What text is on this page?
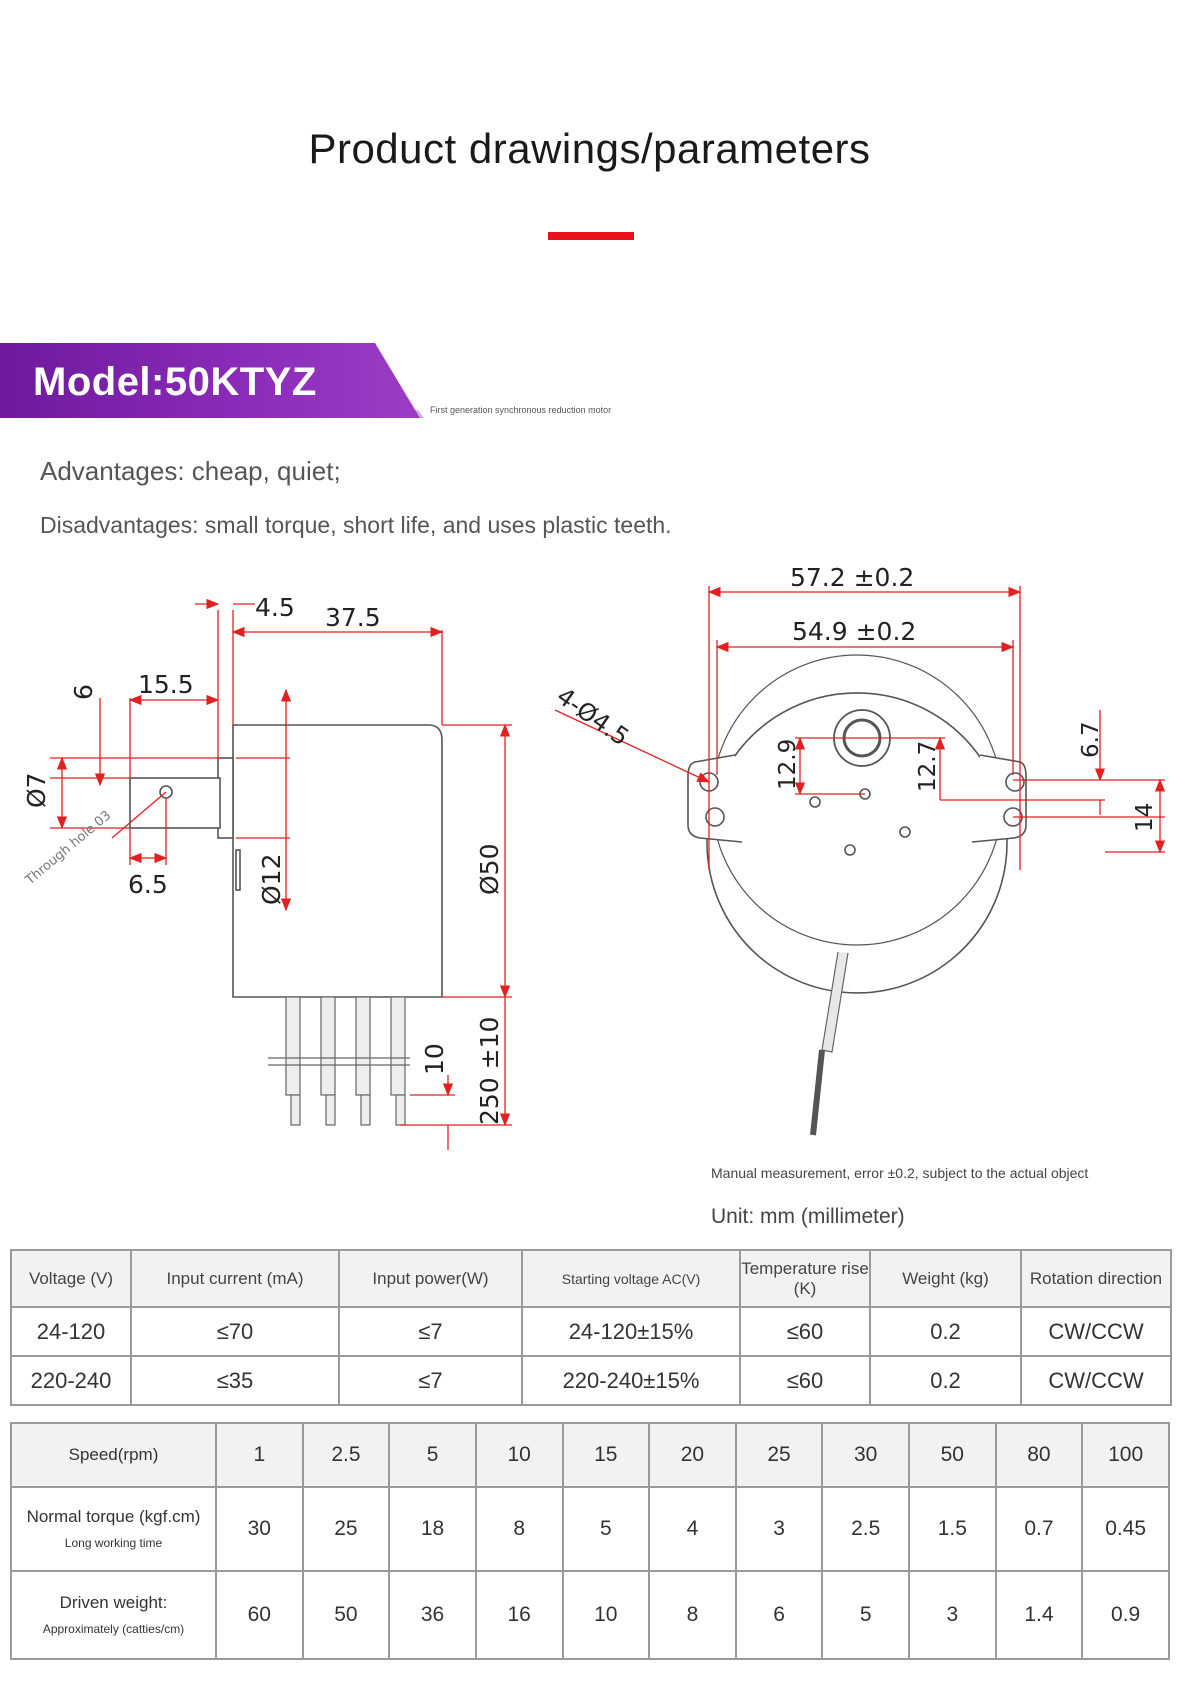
Product drawings/parameters
Model:50KTYZ
First generation synchronous reduction motor
Advantages: cheap, quiet;
Disadvantages: small torque, short life, and uses plastic teeth.
4.5 37.5
15.5
6
Ø7
6.5
Through hole 03	Ø12	Ø50
10 250 ±10
57.2 ±0.2
54.9 ±0.2
4-Ø4.5
12.9	12.7
6.7
14
Manual measurement, error ±0.2, subject to the actual object
Unit: mm (millimeter)
Voltage (V)	Input current (mA)	Input power(W)	Starting voltage AC(V)	Temperature rise (K)	Weight (kg)	Rotation direction
24-120	≤70	≤7	24-120±15%	≤60	0.2	CW/CCW
220-240	≤35	≤7	220-240±15%	≤60	0.2	CW/CCW
Speed(rpm)	1	2.5	5	10	15	20	25	30	50	80	100
Normal torque (kgf.cm)
Long working time	30	25	18	8	5	4	3	2.5	1.5	0.7	0.45
Driven weight:
Approximately (catties/cm)	60	50	36	16	10	8	6	5	3	1.4	0.9
